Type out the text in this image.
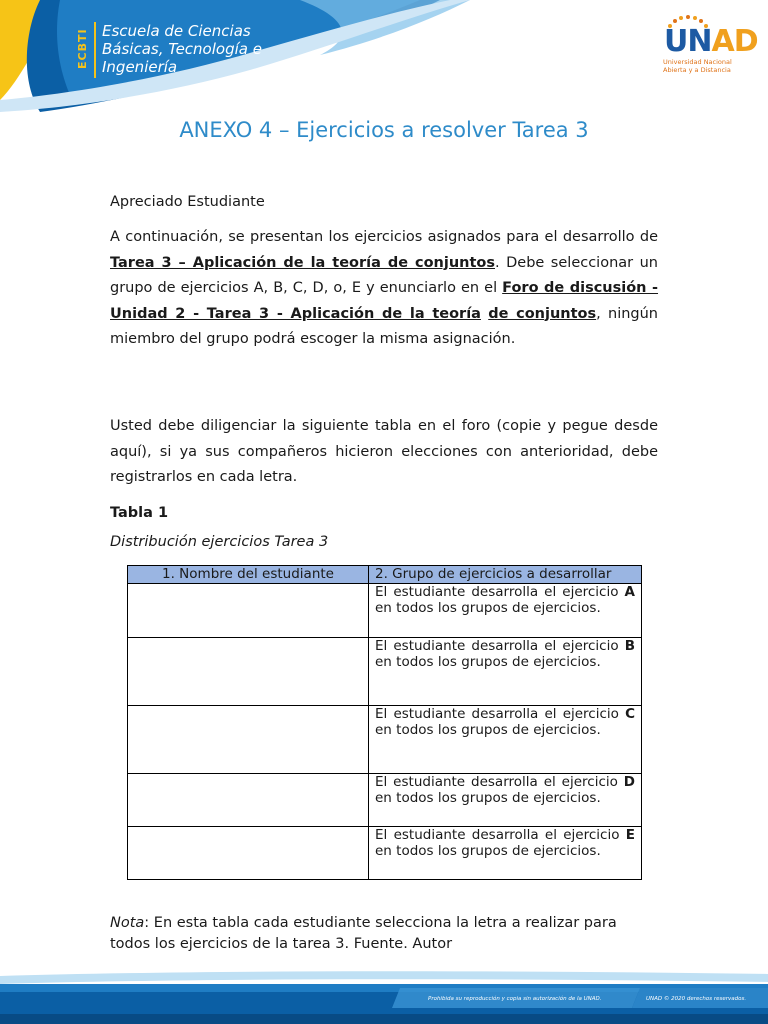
ECBTI Escuela de Ciencias
Básicas, Tecnología e
Ingeniería
UNAD
Universidad Nacional
Abierta y a Distancia
ANEXO 4 – Ejercicios a resolver Tarea 3
Apreciado Estudiante
A continuación, se presentan los ejercicios asignados para el desarrollo de Tarea 3 – Aplicación de la teoría de conjuntos. Debe seleccionar un grupo de ejercicios A, B, C, D, o, E y enunciarlo en el Foro de discusión - Unidad 2 - Tarea 3 - Aplicación de la teoría de conjuntos, ningún miembro del grupo podrá escoger la misma asignación.
Usted debe diligenciar la siguiente tabla en el foro (copie y pegue desde aquí), si ya sus compañeros hicieron elecciones con anterioridad, debe registrarlos en cada letra.
Tabla 1
Distribución ejercicios Tarea 3
1. Nombre del estudiante	2. Grupo de ejercicios a desarrollar
	El estudiante desarrolla el ejercicio A en todos los grupos de ejercicios.
	El estudiante desarrolla el ejercicio B en todos los grupos de ejercicios.
	El estudiante desarrolla el ejercicio C en todos los grupos de ejercicios.
	El estudiante desarrolla el ejercicio D en todos los grupos de ejercicios.
	El estudiante desarrolla el ejercicio E en todos los grupos de ejercicios.
Nota: En esta tabla cada estudiante selecciona la letra a realizar para todos los ejercicios de la tarea 3. Fuente. Autor
Prohibida su reproducción y copia sin autorización de la UNAD.	UNAD © 2020 derechos reservados.
